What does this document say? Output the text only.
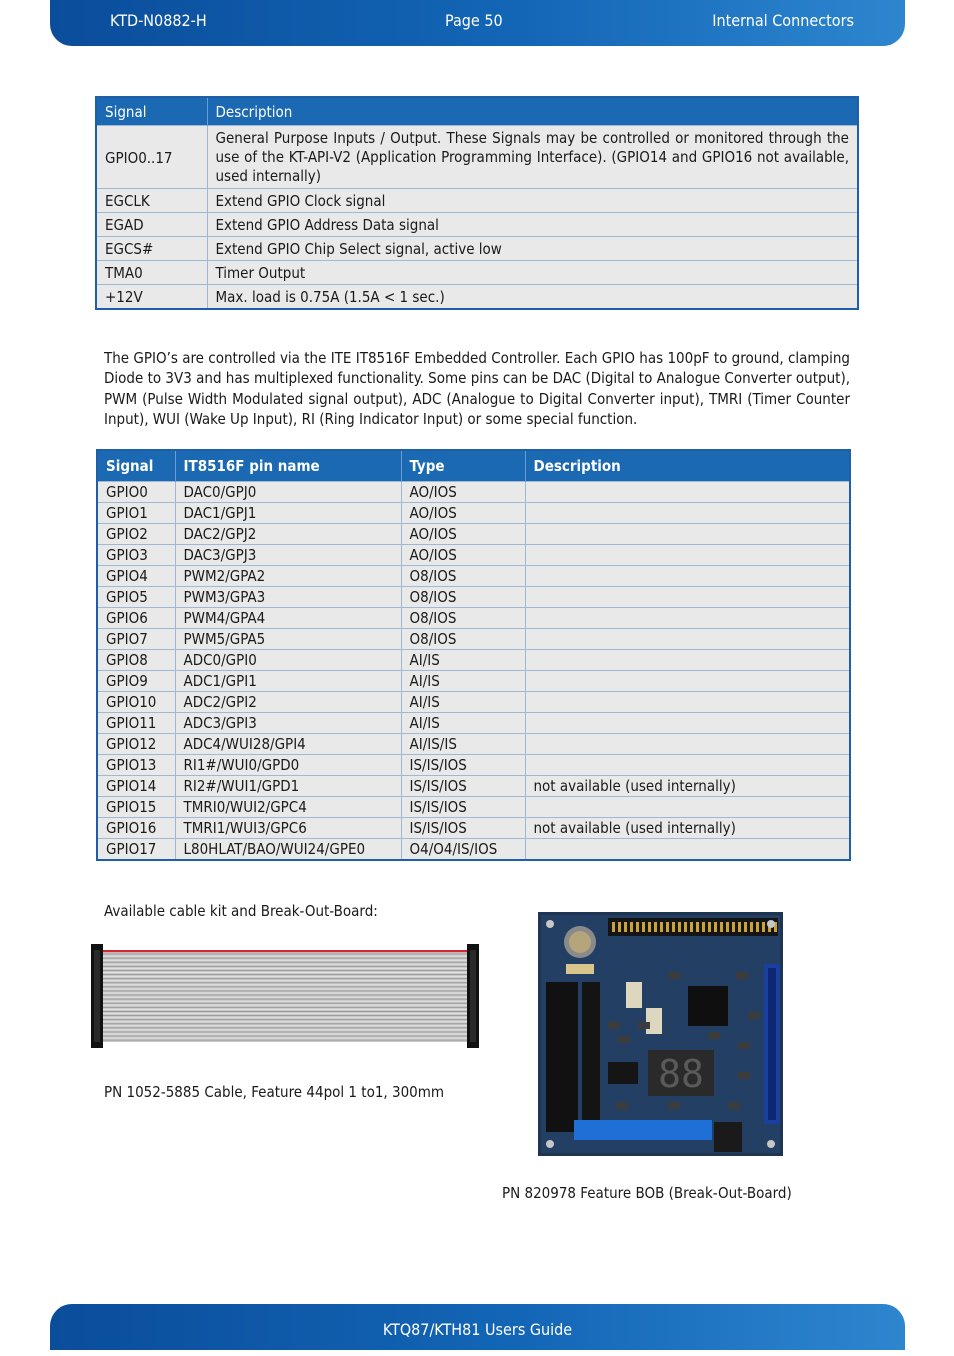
KTD-N0882-H	Page 50	Internal Connectors
Signal	Description
GPIO0..17	General Purpose Inputs / Output. These Signals may be controlled or monitored through the use of the KT-API-V2 (Application Programming Interface). (GPIO14 and GPIO16 not available, used internally)
EGCLK	Extend GPIO Clock signal
EGAD	Extend GPIO Address Data signal
EGCS#	Extend GPIO Chip Select signal, active low
TMA0	Timer Output
+12V	Max. load is 0.75A (1.5A < 1 sec.)

The GPIO’s are controlled via the ITE IT8516F Embedded Controller. Each GPIO has 100pF to ground, clamping Diode to 3V3 and has multiplexed functionality. Some pins can be DAC (Digital to Analogue Converter output), PWM (Pulse Width Modulated signal output), ADC (Analogue to Digital Converter input), TMRI (Timer Counter Input), WUI (Wake Up Input), RI (Ring Indicator Input) or some special function.

Signal	IT8516F pin name	Type	Description
GPIO0	DAC0/GPJ0	AO/IOS	
GPIO1	DAC1/GPJ1	AO/IOS	
GPIO2	DAC2/GPJ2	AO/IOS	
GPIO3	DAC3/GPJ3	AO/IOS	
GPIO4	PWM2/GPA2	O8/IOS	
GPIO5	PWM3/GPA3	O8/IOS	
GPIO6	PWM4/GPA4	O8/IOS	
GPIO7	PWM5/GPA5	O8/IOS	
GPIO8	ADC0/GPI0	AI/IS	
GPIO9	ADC1/GPI1	AI/IS	
GPIO10	ADC2/GPI2	AI/IS	
GPIO11	ADC3/GPI3	AI/IS	
GPIO12	ADC4/WUI28/GPI4	AI/IS/IS	
GPIO13	RI1#/WUI0/GPD0	IS/IS/IOS	
GPIO14	RI2#/WUI1/GPD1	IS/IS/IOS	not available (used internally)
GPIO15	TMRI0/WUI2/GPC4	IS/IS/IOS	
GPIO16	TMRI1/WUI3/GPC6	IS/IS/IOS	not available (used internally)
GPIO17	L80HLAT/BAO/WUI24/GPE0	O4/O4/IS/IOS	
Available cable kit and Break-Out-Board:
PN 1052-5885 Cable, Feature 44pol 1 to1, 300mm	88
PN 820978 Feature BOB (Break-Out-Board)
KTQ87/KTH81 Users Guide
